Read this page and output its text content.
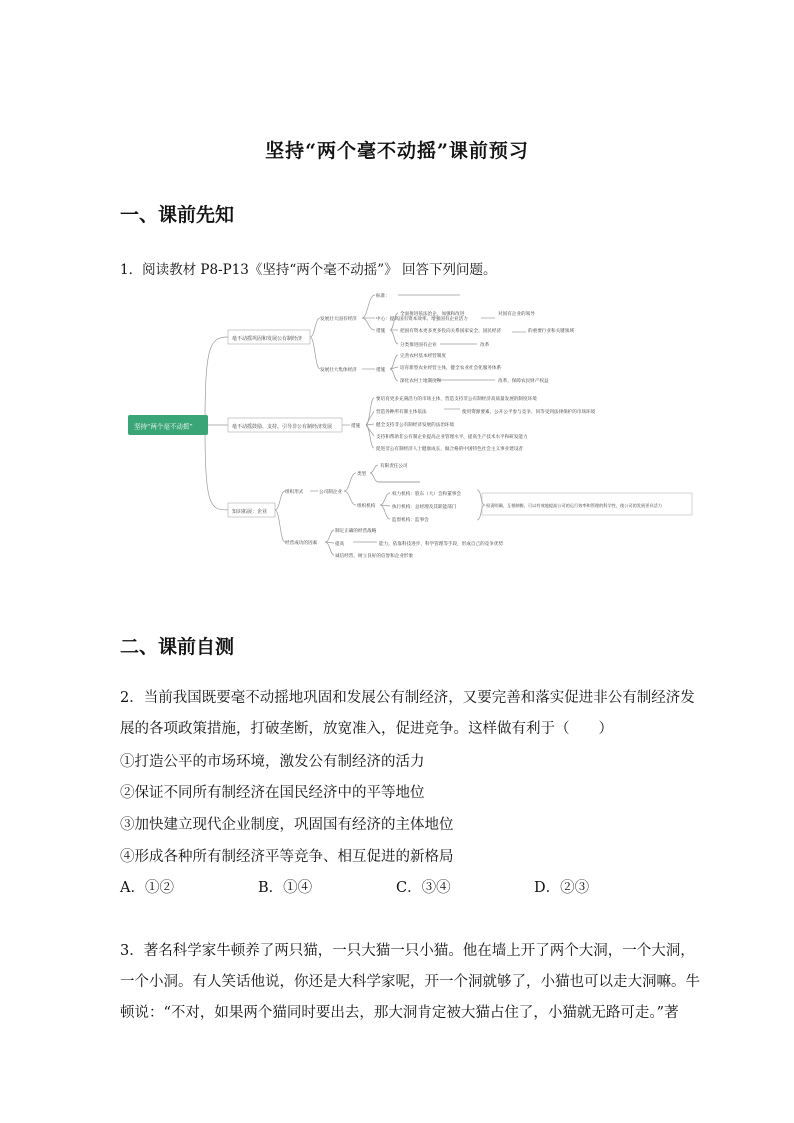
坚持“两个毫不动摇”课前预习
一、课前先知
1．阅读教材 P8-P13《坚持“两个毫不动摇”》 回答下列问题。
坚持“两个毫不动摇”
毫不动摇巩固和发展公有制经济
毫不动摇鼓励、支持、引导非公有制经济发展
知识拓展：企业
发展壮大国有经济
标准：
中心：提高国有资本效率、增强国有企业活力
措施
全面推进依法治企，加强和改进	对国有企业的领导
把国有资本更多更多投向关系国家安全、国民经济	的重要行业和关键领域
分类推进国有企业	改革
发展壮大集体经济	措施
完善农村基本经营制度
培育新型农业经营主体，健全农业社会化服务体系
深化农村土地制度和	改革，保障农民财产权益
措施
要培育更多充满活力的市场主体，营造支持非公有制经济高质量发展的制度环境
营造各种所有制主体依法	使用资源要素、公开公平参与竞争、同等受到法律保护的市场环境
健全支持非公有制经济发展的法治环境
支持和帮助非公有制企业提高企业管理水平，提高生产技术水平和研发能力
促进非公有制经济人士健康成长，做合格的中国特色社会主义事业建设者
组织形式	公司制企业
类型
有限责任公司
组织机构
权力机构：股东（大）会和董事会
执行机构：总经理及其职能部门
监督机构：监事会
权责明确、互相制衡，可以有效地提高公司的运行效率和管理的科学性，使公司的发展更具活力
经营成功的因素
制定正确的经营战略
提高	能力，依靠科技进步、科学管理等手段，形成自己的竞争优势
诚信经营，树立良好的信誉和企业形象
二、课前自测
2．当前我国既要毫不动摇地巩固和发展公有制经济，又要完善和落实促进非公有制经济发
展的各项政策措施，打破垄断，放宽准入，促进竞争。这样做有利于（　　）
①打造公平的市场环境，激发公有制经济的活力
②保证不同所有制经济在国民经济中的平等地位
③加快建立现代企业制度，巩固国有经济的主体地位
④形成各种所有制经济平等竞争、相互促进的新格局
A．①②	B．①④	C．③④	D．②③
3．著名科学家牛顿养了两只猫，一只大猫一只小猫。他在墙上开了两个大洞，一个大洞，
一个小洞。有人笑话他说，你还是大科学家呢，开一个洞就够了，小猫也可以走大洞嘛。牛
顿说：“不对，如果两个猫同时要出去，那大洞肯定被大猫占住了，小猫就无路可走。”著
